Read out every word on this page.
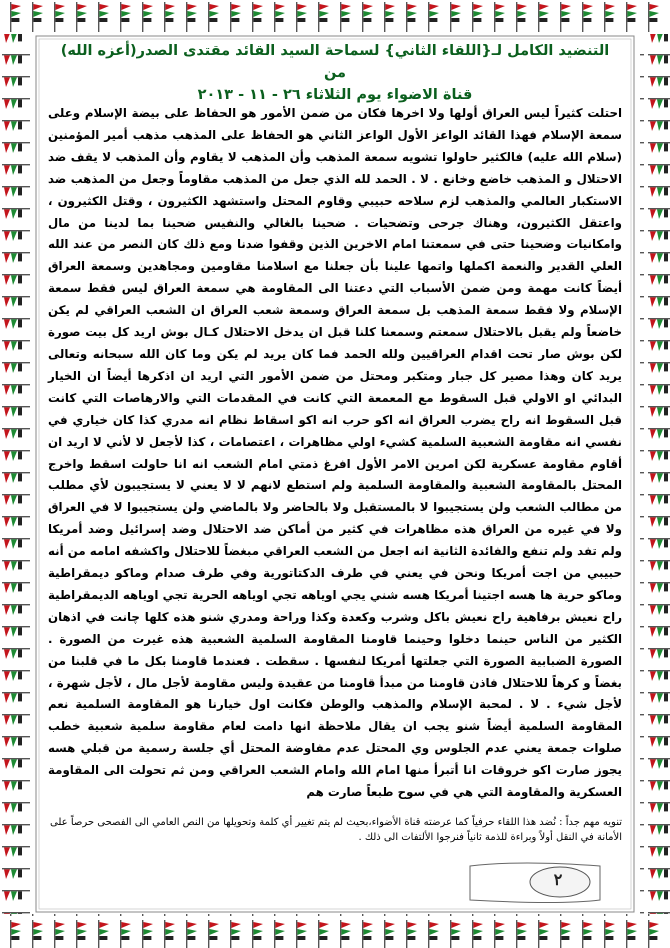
التنضيد الكامل لـ{اللقاء الثاني} لسماحة السيد القائد مقتدى الصدر(أعزه الله) من
قناة الاضواء يوم الثلاثاء ٢٦ - ١١ - ٢٠١٣

احتلت كثيراً ليس العراق أولها ولا اخرها فكان من ضمن الأمور هو الحفاظ على بيضة الإسلام وعلى سمعة الإسلام فهذا القائد الواعز الأول الواعز الثاني هو الحفاظ على المذهب مذهب أمير المؤمنين (سلام الله عليه) فالكثير حاولوا تشويه سمعة المذهب وأن المذهب لا يقاوم وأن المذهب لا يقف ضد الاحتلال و المذهب خاضع وخانع . لا . الحمد لله الذي جعل من المذهب مقاوماً وجعل من المذهب ضد الاستكبار العالمي والمذهب لزم سلاحه حبيبي وقاوم المحتل واستشهد الكثيرون ، وقتل الكثيرون ، واعتقل الكثيرون، وهناك جرحى وتضحيات . ضحينا بالغالي والنفيس ضحينا بما لدينا من مال وامكانيات وضحينا حتى في سمعتنا امام الاخرين الذين وقفوا ضدنا ومع ذلك كان النصر من عند الله العلي القدير والنعمة اكملها واتمها علينا بأن جعلنا مع اسلامنا مقاومين ومجاهدين وسمعة العراق أيضاً كانت مهمة ومن ضمن الأسباب التي دعتنا الى المقاومة هي سمعة العراق ليس فقط سمعة الإسلام ولا فقط سمعة المذهب بل سمعة العراق وسمعة شعب العراق ان الشعب العراقي لم يكن خاضعاً ولم يقبل بالاحتلال سمعتم وسمعنا كلنا قبل ان يدخل الاحتلال كـال بوش اريد كل بيت صورة لكن بوش صار تحت اقدام العراقيين ولله الحمد فما كان يريد لم يكن وما كان الله سبحانه وتعالى يريد كان وهذا مصير كل جبار ومتكبر ومحتل من ضمن الأمور التي اريد ان اذكرها أيضاً ان الخيار البدائي او الاولي قبل السقوط مع المعمعة التي كانت في المقدمات التي والارهاصات التي كانت قبل السقوط انه راح يضرب العراق انه اكو حرب انه اكو اسقاط نظام انه مدري كذا كان خياري في نفسي انه مقاومة الشعبية السلمية كشيء اولي مظاهرات ، اعتصامات ، كذا لأجعل لا لأني لا اريد ان أقاوم مقاومة عسكرية لكن امرين الامر الأول افرغ ذمتي امام الشعب انه انا حاولت اسقط واخرج المحتل بالمقاومة الشعبية والمقاومة السلمية ولم استطع لانهم لا لا يعني لا يستجيبون لأي مطلب من مطالب الشعب ولن يستجيبوا لا بالمستقبل ولا بالحاضر ولا بالماضي ولن يستجيبوا لا في العراق ولا في غيره من العراق هذه مظاهرات في كثير من أماكن ضد الاحتلال وضد إسرائيل وضد أمريكا ولم تفد ولم تنفع والفائدة الثانية انه اجعل من الشعب العراقي مبغضاً للاحتلال واكشفه امامه من أنه حبيبي من اجت أمريكا ونحن في يعني في طرف الدكتاتورية وفي طرف صدام وماكو ديمقراطية وماكو حرية ها هسه اجتينا أمريكا هسه شني يجي اوياهه تجي اوياهه الحرية تجي اوياهه الديمقراطية راح نعيش برفاهية راح نعيش باكل وشرب وكعدة وكذا وراحة ومدري شنو هذه كلها چانت في اذهان الكثير من الناس حينما دخلوا وحينما قاومنا المقاومة السلمية الشعبية هذه غيرت من الصورة . الصورة الضبابية الصورة التي جعلتها أمريكا لنفسها . سقطت . فعندما قاومنا بكل ما في قلبنا من بغضاً و كرهاً للاحتلال فاذن قاومنا من مبدأ قاومنا من عقيدة وليس مقاومة لأجل مال ، لأجل شهرة ، لأجل شيء . لا . لمحبة الإسلام والمذهب والوطن فكانت اول خيارنا هو المقاومة السلمية نعم المقاومة السلمية أيضاً شنو يجب ان يقال ملاحظة انها دامت لعام مقاومة سلمية شعبية خطب صلوات جمعة يعني عدم الجلوس وي المحتل عدم مفاوضة المحتل أي جلسة رسمية من قبلي هسه يجوز صارت اكو خروقات انا أتبرأ منها امام الله وامام الشعب العراقي ومن ثم تحولت الى المقاومة العسكرية والمقاومة التي هي في سوح طبعاً صارت هم

تنويه مهم جداً : نُضد هذا اللقاء حرفياً كما عرضته قناة الأضواء،بحيث لم يتم تغيير أي كلمة وتحويلها من النص العامي الى الفصحى حرصاً على الأمانة في النقل أولاً وبراءة للذمة ثانياً فنرجوا الألتفات الى ذلك .
٢
